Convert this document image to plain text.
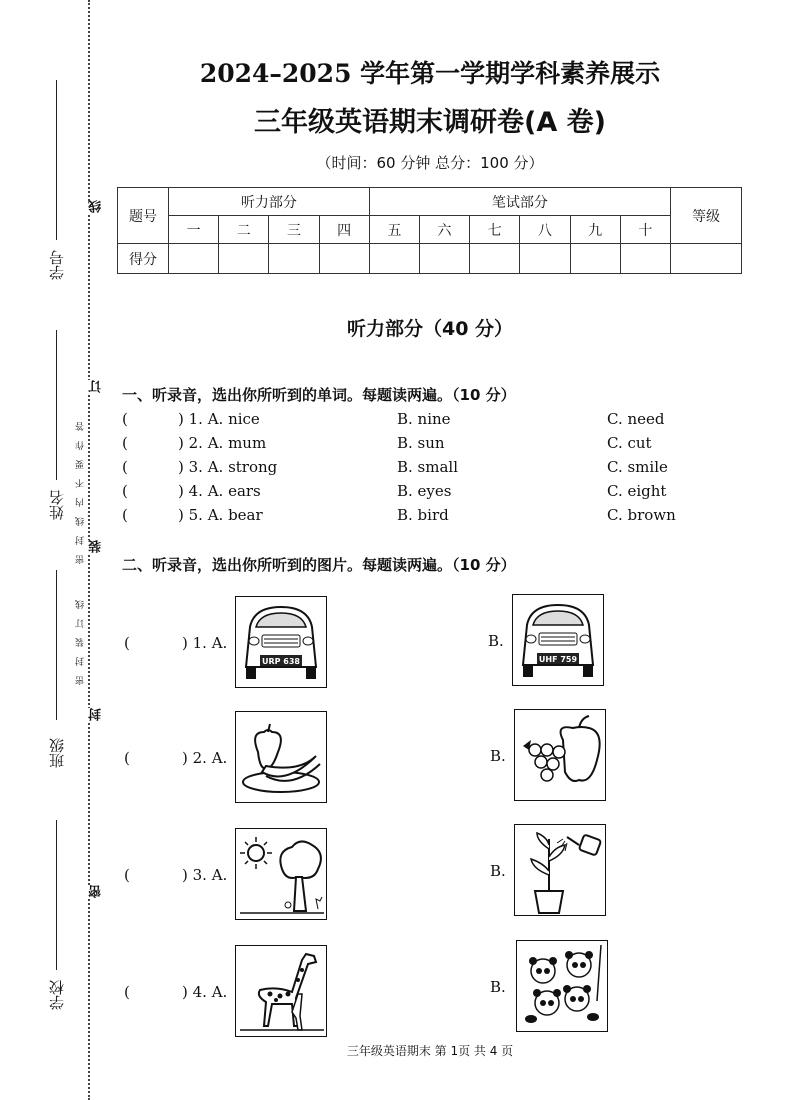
学号
姓名
班级
学校
密封线内不要作答
密封装订线
线
订
装
封
密
2024–2025 学年第一学期学科素养展示
三年级英语期末调研卷(A 卷)
（时间：60 分钟 总分：100 分）
题号	听力部分				笔试部分						等级
	一	二	三	四	五	六	七	八	九	十	
得分											
听力部分（40 分）
一、听录音，选出你所听到的单词。每题读两遍。（10 分）
(	) 1. A. nice	B. nine	C. need
(	) 2. A. mum	B. sun	C. cut
(	) 3. A. strong	B. small	C. smile
(	) 4. A. ears	B. eyes	C. eight
(	) 5. A. bear	B. bird	C. brown
二、听录音，选出你所听到的图片。每题读两遍。（10 分）
(	) 1. A.
URP 638
B.
UHF 759
(	) 2. A.	B.
(	) 3. A.	B.
(	) 4. A.	B.
三年级英语期末 第 1页 共 4 页
